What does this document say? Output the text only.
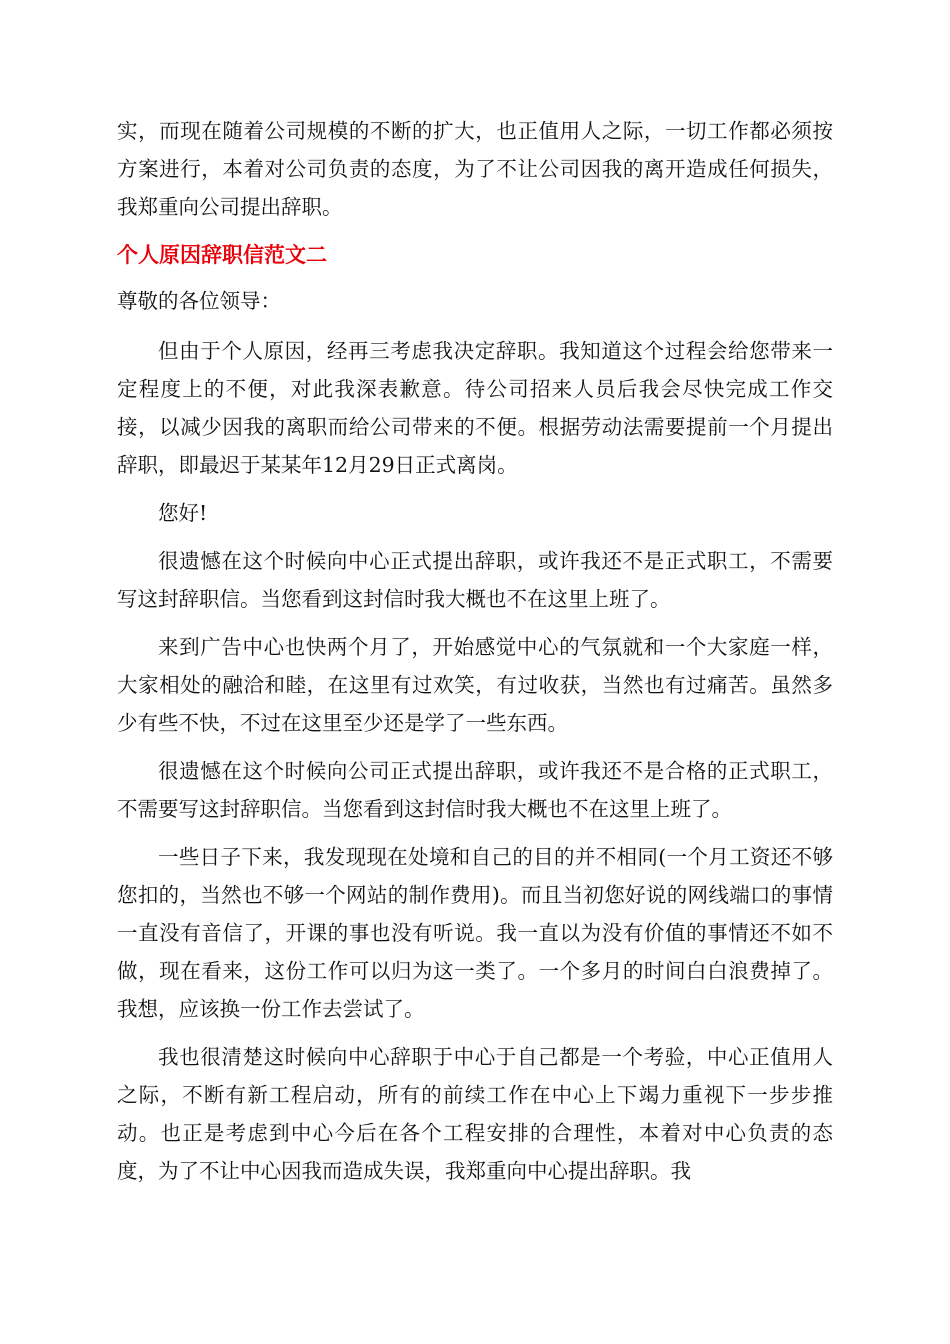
实，而现在随着公司规模的不断的扩大，也正值用人之际，一切工作都必须按方案进行，本着对公司负责的态度，为了不让公司因我的离开造成任何损失，我郑重向公司提出辞职。

个人原因辞职信范文二

尊敬的各位领导：

但由于个人原因，经再三考虑我决定辞职。我知道这个过程会给您带来一定程度上的不便，对此我深表歉意。待公司招来人员后我会尽快完成工作交接，以减少因我的离职而给公司带来的不便。根据劳动法需要提前一个月提出辞职，即最迟于某某年12月29日正式离岗。

您好!

很遗憾在这个时候向中心正式提出辞职，或许我还不是正式职工，不需要写这封辞职信。当您看到这封信时我大概也不在这里上班了。

来到广告中心也快两个月了，开始感觉中心的气氛就和一个大家庭一样，大家相处的融洽和睦，在这里有过欢笑，有过收获，当然也有过痛苦。虽然多少有些不快，不过在这里至少还是学了一些东西。

很遗憾在这个时候向公司正式提出辞职，或许我还不是合格的正式职工，不需要写这封辞职信。当您看到这封信时我大概也不在这里上班了。

一些日子下来，我发现现在处境和自己的目的并不相同(一个月工资还不够您扣的，当然也不够一个网站的制作费用)。而且当初您好说的网线端口的事情一直没有音信了，开课的事也没有听说。我一直以为没有价值的事情还不如不做，现在看来，这份工作可以归为这一类了。一个多月的时间白白浪费掉了。我想，应该换一份工作去尝试了。

我也很清楚这时候向中心辞职于中心于自己都是一个考验，中心正值用人之际，不断有新工程启动，所有的前续工作在中心上下竭力重视下一步步推动。也正是考虑到中心今后在各个工程安排的合理性，本着对中心负责的态度，为了不让中心因我而造成失误，我郑重向中心提出辞职。我
